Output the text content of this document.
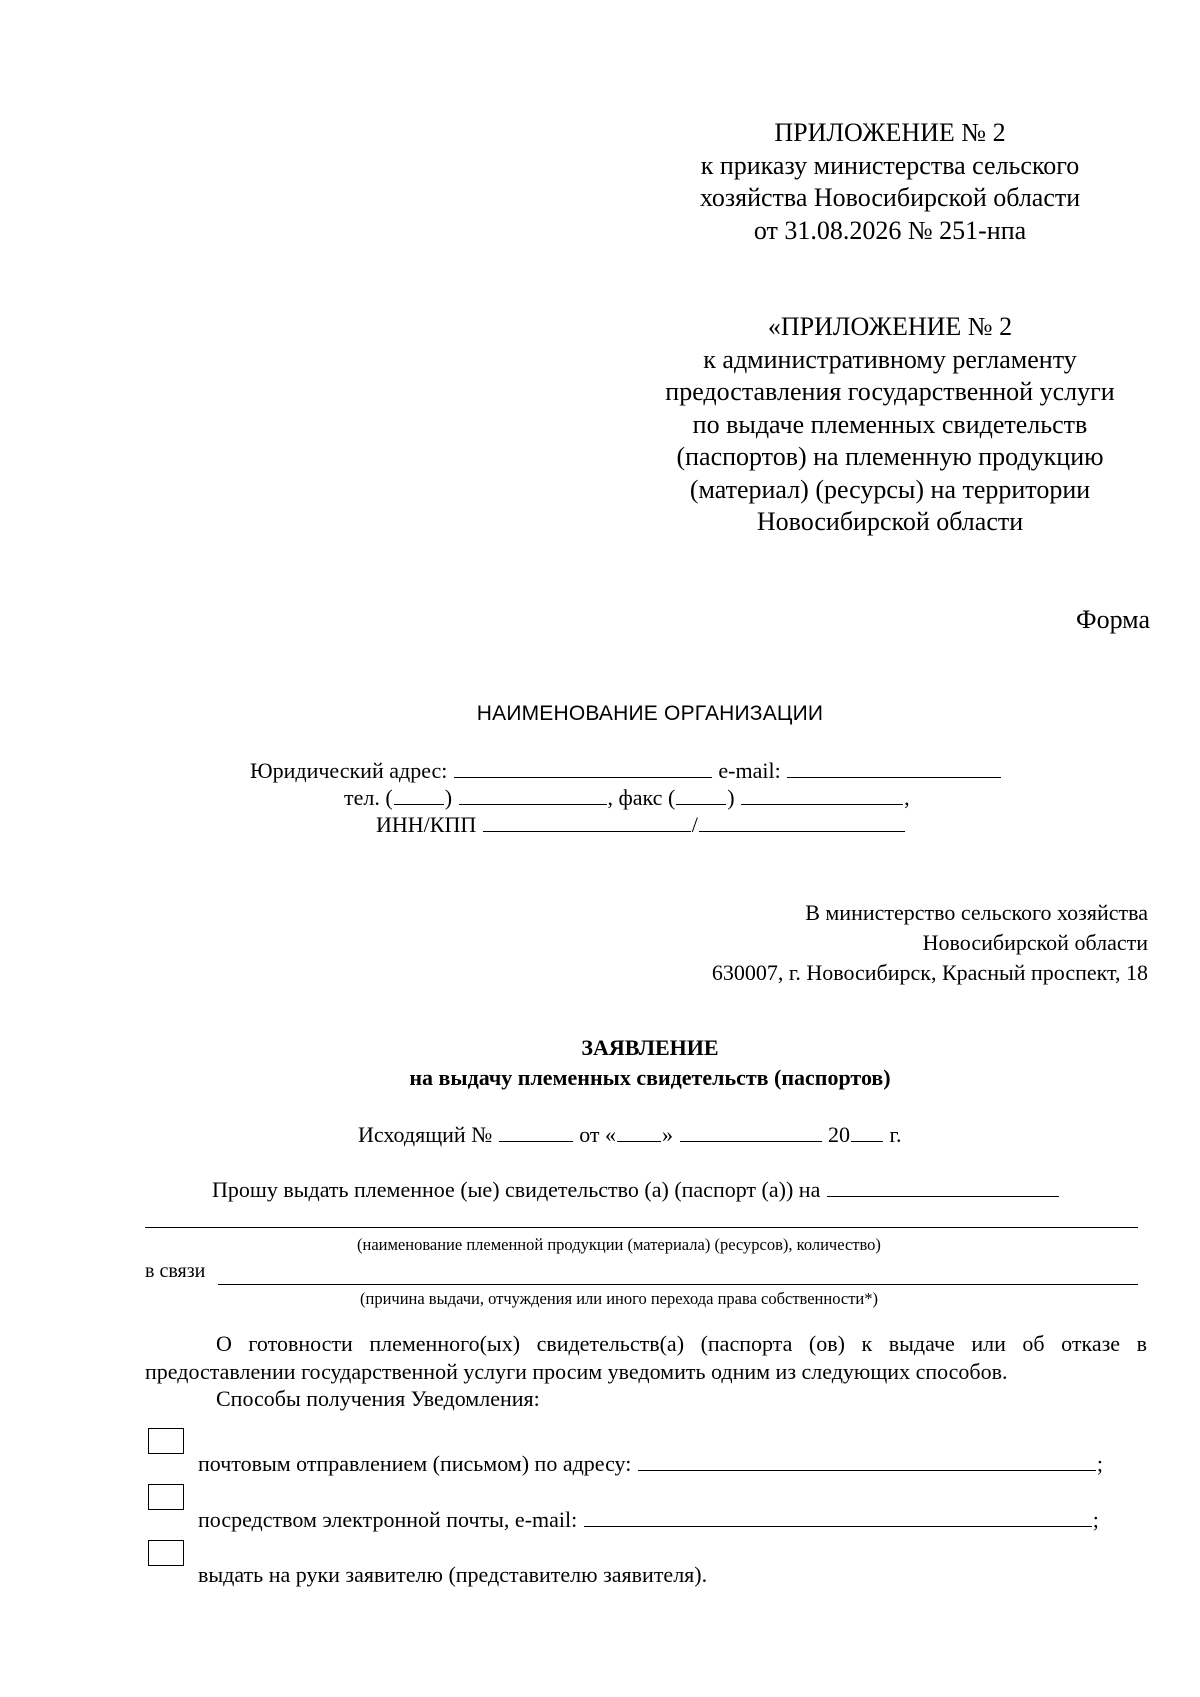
ПРИЛОЖЕНИЕ № 2
к приказу министерства сельского
хозяйства Новосибирской области
от 31.08.2026 № 251-нпа
«ПРИЛОЖЕНИЕ № 2
к административному регламенту
предоставления государственной услуги
по выдаче племенных свидетельств
(паспортов) на племенную продукцию
(материал) (ресурсы) на территории
Новосибирской области
Форма
НАИМЕНОВАНИЕ ОРГАНИЗАЦИИ
Юридический адрес:	e-mail:
тел. ( )	, факс ( )	,
ИНН/КПП	/
В министерство сельского хозяйства
Новосибирской области
630007, г. Новосибирск, Красный проспект, 18
ЗАЯВЛЕНИЕ
на выдачу племенных свидетельств (паспортов)
Исходящий №	от « »	20 г.
Прошу выдать племенное (ые) свидетельство (а) (паспорт (а)) на
(наименование племенной продукции (материала) (ресурсов), количество)
в связи
(причина выдачи, отчуждения или иного перехода права собственности*)
О готовности племенного(ых) свидетельств(а) (паспорта (ов) к выдаче или об отказе в предоставлении государственной услуги просим уведомить одним из следующих способов.
Способы получения Уведомления:
почтовым отправлением (письмом) по адресу:	;
посредством электронной почты, e-mail:	;
выдать на руки заявителю (представителю заявителя).
